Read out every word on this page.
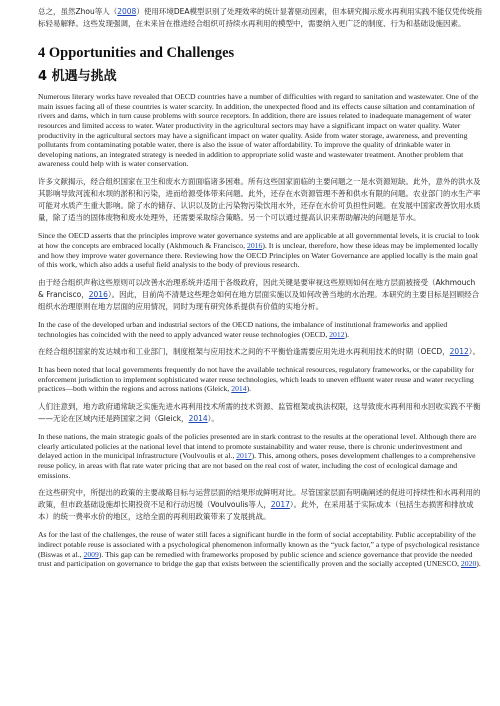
总之，虽然Zhou等人（2008）使用环境DEA模型识别了处理效率的统计显著驱动因素，但本研究揭示废水再利用实践不能仅凭传统指标轻易解释。这些发现强调，在未来旨在推进经合组织可持续水再利用的模型中，需要纳入更广泛的制度、行为和基础设施因素。

4 Opportunities and Challenges
4 机遇与挑战

Numerous literary works have revealed that OECD countries have a number of difficulties with regard to sanitation and wastewater. One of the main issues facing all of these countries is water scarcity. In addition, the unexpected flood and its effects cause siltation and contamination of rivers and dams, which in turn cause problems with source receptors. In addition, there are issues related to inadequate management of water resources and limited access to water. Water productivity in the agricultural sectors may have a significant impact on water quality. Water productivity in the agricultural sectors may have a significant impact on water quality. Aside from water storage, awareness, and preventing pollutants from contaminating potable water, there is also the issue of water affordability. To improve the quality of drinkable water in developing nations, an integrated strategy is needed in addition to appropriate solid waste and wastewater treatment. Another problem that awareness could help with is water conservation.

许多文献揭示，经合组织国家在卫生和废水方面面临诸多困难。所有这些国家面临的主要问题之一是水资源短缺。此外，意外的洪水及其影响导致河流和水坝的淤积和污染，进而给源受体带来问题。此外，还存在水资源管理不善和供水有限的问题。农业部门的水生产率可能对水质产生重大影响。除了水的储存、认识以及防止污染物污染饮用水外，还存在水价可负担性问题。在发展中国家改善饮用水质量，除了适当的固体废物和废水处理外，还需要采取综合策略。另一个可以通过提高认识来帮助解决的问题是节水。

Since the OECD asserts that the principles improve water governance systems and are applicable at all governmental levels, it is crucial to look at how the concepts are embraced locally (Akhmouch & Francisco, 2016). It is unclear, therefore, how these ideas may be implemented locally and how they improve water governance there. Reviewing how the OECD Principles on Water Governance are applied locally is the main goal of this work, which also adds a useful field analysis to the body of previous research.

由于经合组织声称这些原则可以改善水治理系统并适用于各级政府，因此关键是要审视这些原则如何在地方层面被接受（Akhmouch & Francisco，2016）。因此，目前尚不清楚这些理念如何在地方层面实施以及如何改善当地的水治理。本研究的主要目标是回顾经合组织水治理原则在地方层面的应用情况，同时为现有研究体系提供有价值的实地分析。

In the case of the developed urban and industrial sectors of the OECD nations, the imbalance of institutional frameworks and applied technologies has coincided with the need to apply advanced water reuse technologies (OECD, 2012).

在经合组织国家的发达城市和工业部门，制度框架与应用技术之间的不平衡恰逢需要应用先进水再利用技术的时期（OECD，2012）。

It has been noted that local governments frequently do not have the available technical resources, regulatory frameworks, or the capability for enforcement jurisdiction to implement sophisticated water reuse technologies, which leads to uneven effluent water reuse and water recycling practices—both within the regions and across nations (Gleick, 2014).

人们注意到，地方政府通常缺乏实施先进水再利用技术所需的技术资源、监管框架或执法权限，这导致废水再利用和水回收实践不平衡——无论在区域内还是跨国家之间（Gleick，2014）。

In these nations, the main strategic goals of the policies presented are in stark contrast to the results at the operational level. Although there are clearly articulated policies at the national level that intend to promote sustainability and water reuse, there is chronic underinvestment and delayed action in the municipal infrastructure (Voulvoulis et al., 2017). This, among others, poses development challenges to a comprehensive reuse policy, in areas with flat rate water pricing that are not based on the real cost of water, including the cost of ecological damage and emissions.

在这些研究中，所提出的政策的主要战略目标与运营层面的结果形成鲜明对比。尽管国家层面有明确阐述的促进可持续性和水再利用的政策，但市政基础设施却长期投资不足和行动迟缓（Voulvoulis等人，2017）。此外，在采用基于实际成本（包括生态损害和排放成本）的统一费率水价的地区，这给全面的再利用政策带来了发展挑战。

As for the last of the challenges, the reuse of water still faces a significant hurdle in the form of social acceptability. Public acceptability of the indirect potable reuse is associated with a psychological phenomenon informally known as the “yuck factor,” a type of psychological resistance (Biswas et al., 2009). This gap can be remedied with frameworks proposed by public science and science governance that provide the needed trust and participation on governance to bridge the gap that exists between the scientifically proven and the socially accepted (UNESCO, 2020).
